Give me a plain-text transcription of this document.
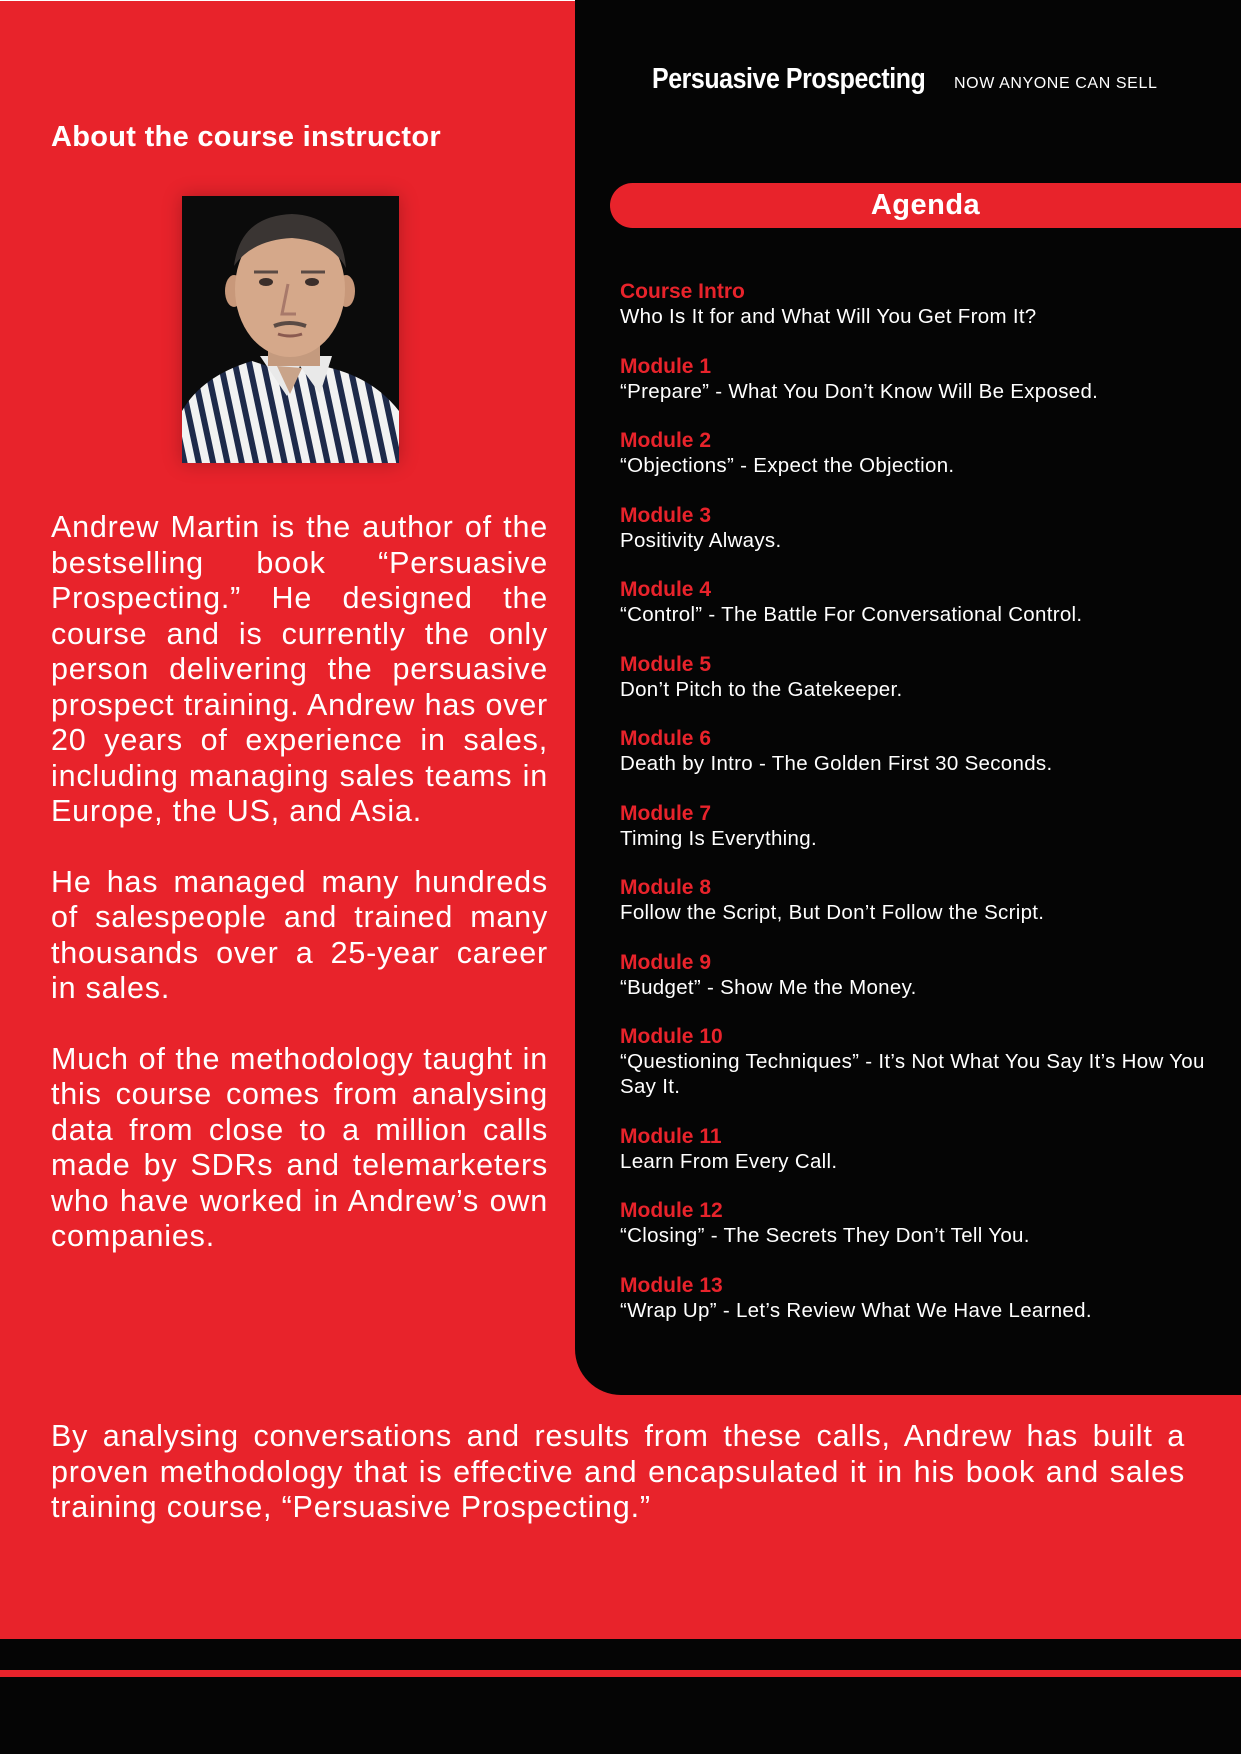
Persuasive Prospecting NOW ANYONE CAN SELL
Agenda
Course Intro
Who Is It for and What Will You Get From It?
Module 1
“Prepare” - What You Don’t Know Will Be Exposed.
Module 2
“Objections” - Expect the Objection.
Module 3
Positivity Always.
Module 4
“Control” - The Battle For Conversational Control.
Module 5
Don’t Pitch to the Gatekeeper.
Module 6
Death by Intro - The Golden First 30 Seconds.
Module 7
Timing Is Everything.
Module 8
Follow the Script, But Don’t Follow the Script.
Module 9
“Budget” - Show Me the Money.
Module 10
“Questioning Techniques” - It’s Not What You Say It’s How You Say It.
Module 11
Learn From Every Call.
Module 12
“Closing” - The Secrets They Don’t Tell You.
Module 13
“Wrap Up” - Let’s Review What We Have Learned.
About the course instructor

Andrew Martin is the author of the bestselling book “Persuasive Prospecting.” He designed the course and is currently the only person delivering the persuasive prospect training. Andrew has over 20 years of experience in sales, including managing sales teams in Europe, the US, and Asia.

He has managed many hundreds of salespeople and trained many thousands over a 25-year career in sales.

Much of the methodology taught in this course comes from analysing data from close to a million calls made by SDRs and telemarketers who have worked in Andrew’s own companies.

By analysing conversations and results from these calls, Andrew has built a proven methodology that is effective and encapsulated it in his book and sales training course, “Persuasive Prospecting.”
